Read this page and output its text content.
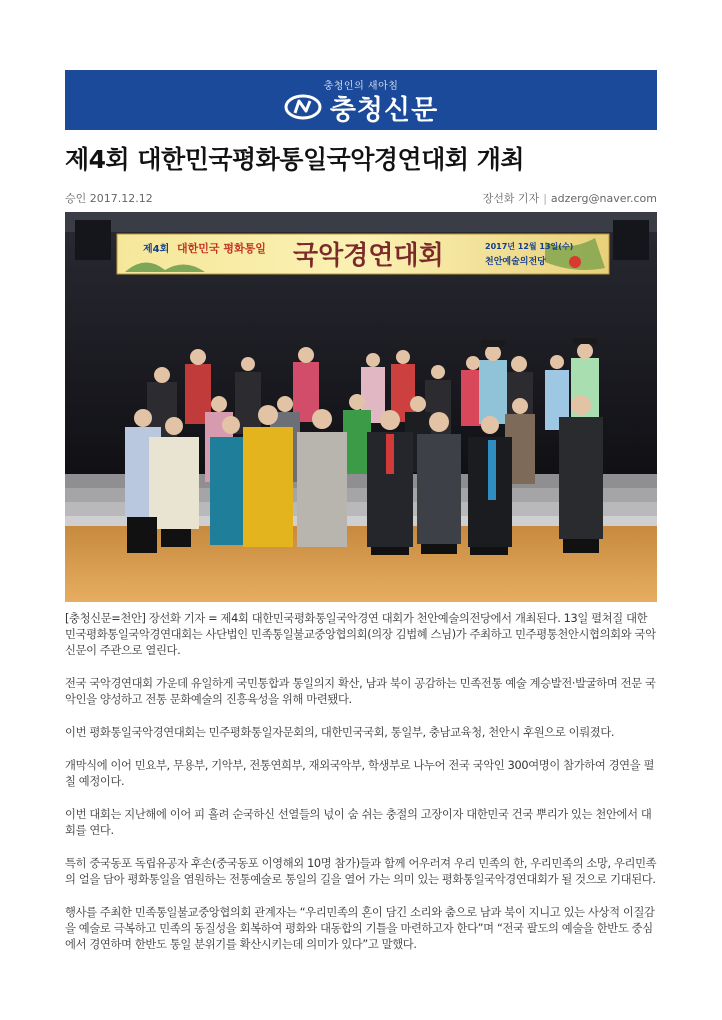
충청인의 새아침
충청신문
제4회 대한민국평화통일국악경연대회 개최
승인 2017.12.12	장선화 기자 | adzerg@naver.com
제4회 대한민국 평화통일 국악경연대회	2017년 12월 13일(수)
천안예술의전당

[충청신문=천안] 장선화 기자 = 제4회 대한민국평화통일국악경연 대회가 천안예술의전당에서 개최된다. 13일 펼쳐질 대한민국평화통일국악경연대회는 사단법인 민족통일불교중앙협의회(의장 김법혜 스님)가 주최하고 민주평통천안시협의회와 국악신문이 주관으로 열린다.

전국 국악경연대회 가운데 유일하게 국민통합과 통일의지 확산, 남과 북이 공감하는 민족전통 예술 계승발전·발굴하며 전문 국악인을 양성하고 전통 문화예술의 진흥육성을 위해 마련됐다.

이번 평화통일국악경연대회는 민주평화통일자문회의, 대한민국국회, 통일부, 충남교육청, 천안시 후원으로 이뤄졌다.

개막식에 이어 민요부, 무용부, 기악부, 전통연희부, 재외국악부, 학생부로 나누어 전국 국악인 300여명이 참가하여 경연을 펼칠 예정이다.

이번 대회는 지난해에 이어 피 흘려 순국하신 선열들의 넋이 숨 쉬는 충절의 고장이자 대한민국 건국 뿌리가 있는 천안에서 대회를 연다.

특히 중국동포 독립유공자 후손(중국동포 이영해외 10명 참가)들과 함께 어우러져 우리 민족의 한, 우리민족의 소망, 우리민족의 얼을 담아 평화통일을 염원하는 전통예술로 통일의 길을 열어 가는 의미 있는 평화통일국악경연대회가 될 것으로 기대된다.

행사를 주최한 민족통일불교중앙협의회 관계자는 “우리민족의 혼이 담긴 소리와 춤으로 남과 북이 지니고 있는 사상적 이질감을 예술로 극복하고 민족의 동질성을 회복하여 평화와 대동합의 기틀을 마련하고자 한다”며 “전국 팔도의 예술을 한반도 중심에서 경연하며 한반도 통일 분위기를 확산시키는데 의미가 있다”고 말했다.
